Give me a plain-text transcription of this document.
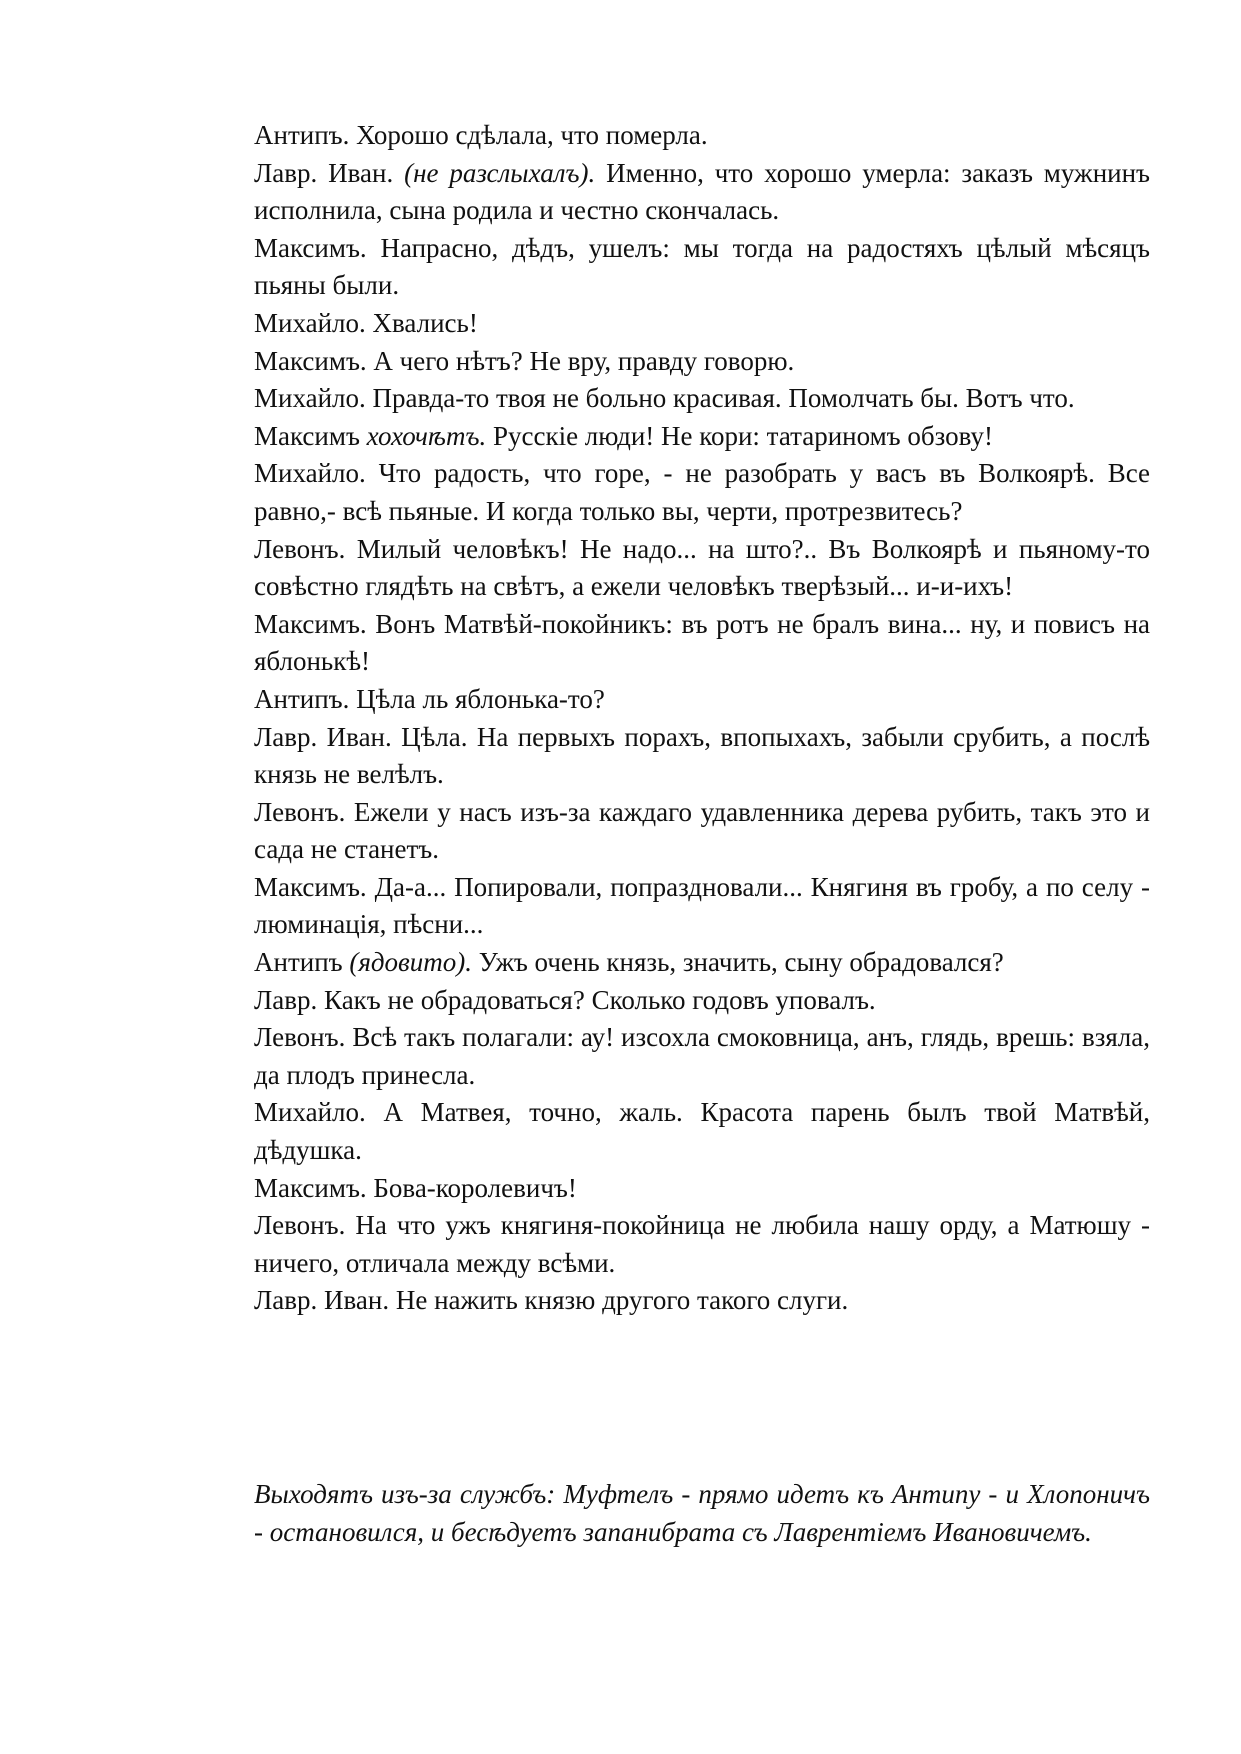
Антипъ. Хорошо сдѣлала, что померла.
Лавр. Иван. (не разслыхалъ). Именно, что хорошо умерла: заказъ мужнинъ исполнила, сына родила и честно скончалась.
Максимъ. Напрасно, дѣдъ, ушелъ: мы тогда на радостяхъ цѣлый мѣсяцъ пьяны были.
Михайло. Хвались!
Максимъ. А чего нѣтъ? Не вру, правду говорю.
Михайло. Правда-то твоя не больно красивая. Помолчать бы. Вотъ что.
Максимъ хохочѣтъ. Русскіе люди! Не кори: татариномъ обзову!
Михайло. Что радость, что горе, - не разобрать у васъ въ Волкоярѣ. Все равно,- всѣ пьяные. И когда только вы, черти, протрезвитесь?
Левонъ. Милый человѣкъ! Не надо... на што?.. Въ Волкоярѣ и пьяному-то совѣстно глядѣть на свѣтъ, а ежели человѣкъ тверѣзый... и-и-ихъ!
Максимъ. Вонъ Матвѣй-покойникъ: въ ротъ не бралъ вина... ну, и повисъ на яблонькѣ!
Антипъ. Цѣла ль яблонька-то?
Лавр. Иван. Цѣла. На первыхъ порахъ, впопыхахъ, забыли срубить, а послѣ князь не велѣлъ.
Левонъ. Ежели у насъ изъ-за каждаго удавленника дерева рубить, такъ это и сада не станетъ.
Максимъ. Да-а... Попировали, попраздновали... Княгиня въ гробу, а по селу - люминація, пѣсни...
Антипъ (ядовито). Ужъ очень князь, значить, сыну обрадовался?
Лавр. Какъ не обрадоваться? Сколько годовъ уповалъ.
Левонъ. Всѣ такъ полагали: ау! изсохла смоковница, анъ, глядь, врешь: взяла, да плодъ принесла.
Михайло. А Матвея, точно, жаль. Красота парень былъ твой Матвѣй, дѣдушка.
Максимъ. Бова-королевичъ!
Левонъ. На что ужъ княгиня-покойница не любила нашу орду, а Матюшу - ничего, отличала между всѣми.
Лавр. Иван. Не нажить князю другого такого слуги.
Выходятъ изъ-за службъ: Муфтелъ - прямо идетъ къ Антипу - и Хлопоничъ - остановился, и бесѣдуетъ запанибрата съ Лаврентіемъ Ивановичемъ.
